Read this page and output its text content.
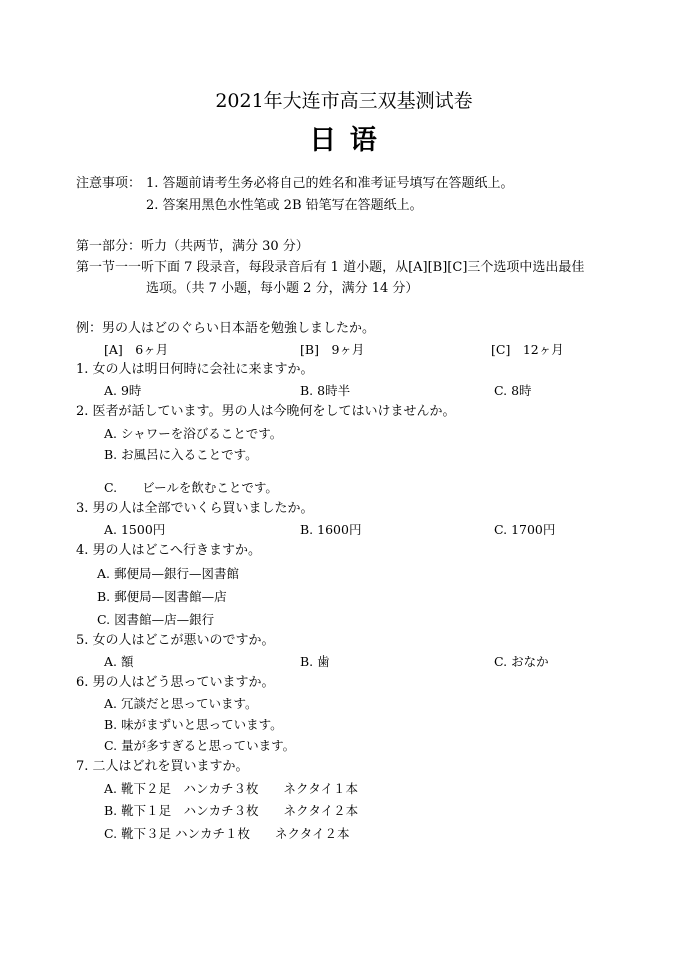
2021年大连市高三双基测试卷
日 语
注意事项： 1. 答题前请考生务必将自己的姓名和准考证号填写在答题纸上。
2. 答案用黑色水性笔或 2B 铅笔写在答题纸上。
第一部分：听力（共两节，满分 30 分）
第一节一一听下面 7 段录音，每段录音后有 1 道小题，从[A][B][C]三个选项中选出最佳
选项。（共 7 小题，每小题 2 分，满分 14 分）
例：男の人はどのぐらい日本語を勉強しましたか。
[A]　6ヶ月	[B]　9ヶ月	[C]　12ヶ月
1. 女の人は明日何時に会社に来ますか。
A. 9時	B. 8時半	C. 8時
2. 医者が話しています。男の人は今晩何をしてはいけませんか。
A. シャワーを浴びることです。
B. お風呂に入ることです。
C.　　ビールを飲むことです。
3. 男の人は全部でいくら買いましたか。
A. 1500円	B. 1600円	C. 1700円
4. 男の人はどこへ行きますか。
A. 郵便局—銀行—図書館
B. 郵便局—図書館—店
C. 図書館—店—銀行
5. 女の人はどこが悪いのですか。
A. 額	B. 歯	C. おなか
6. 男の人はどう思っていますか。
A. 冗談だと思っています。
B. 味がまずいと思っています。
C. 量が多すぎると思っています。
7. 二人はどれを買いますか。
A. 靴下２足　ハンカチ３枚　　ネクタイ１本
B. 靴下１足　ハンカチ３枚　　ネクタイ２本
C. 靴下３足 ハンカチ１枚　　ネクタイ２本
